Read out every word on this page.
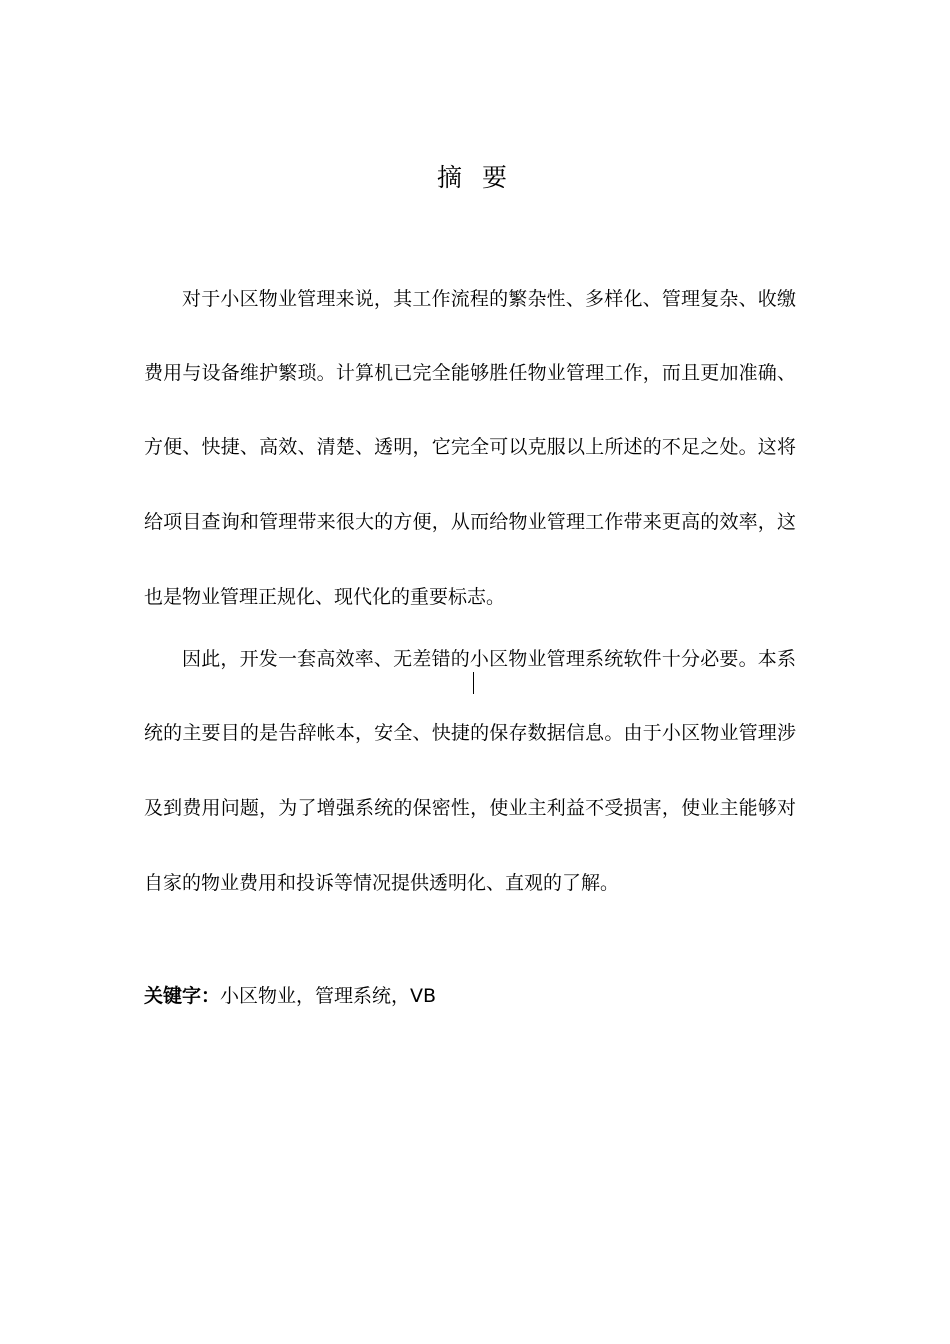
摘 要
对于小区物业管理来说，其工作流程的繁杂性、多样化、管理复杂、收缴
费用与设备维护繁琐。计算机已完全能够胜任物业管理工作，而且更加准确、
方便、快捷、高效、清楚、透明，它完全可以克服以上所述的不足之处。这将
给项目查询和管理带来很大的方便，从而给物业管理工作带来更高的效率，这
也是物业管理正规化、现代化的重要标志。
因此，开发一套高效率、无差错的小区物业管理系统软件十分必要。本系
统的主要目的是告辞帐本，安全、快捷的保存数据信息。由于小区物业管理涉
及到费用问题，为了增强系统的保密性，使业主利益不受损害，使业主能够对
自家的物业费用和投诉等情况提供透明化、直观的了解。
关键字：小区物业，管理系统，VB
